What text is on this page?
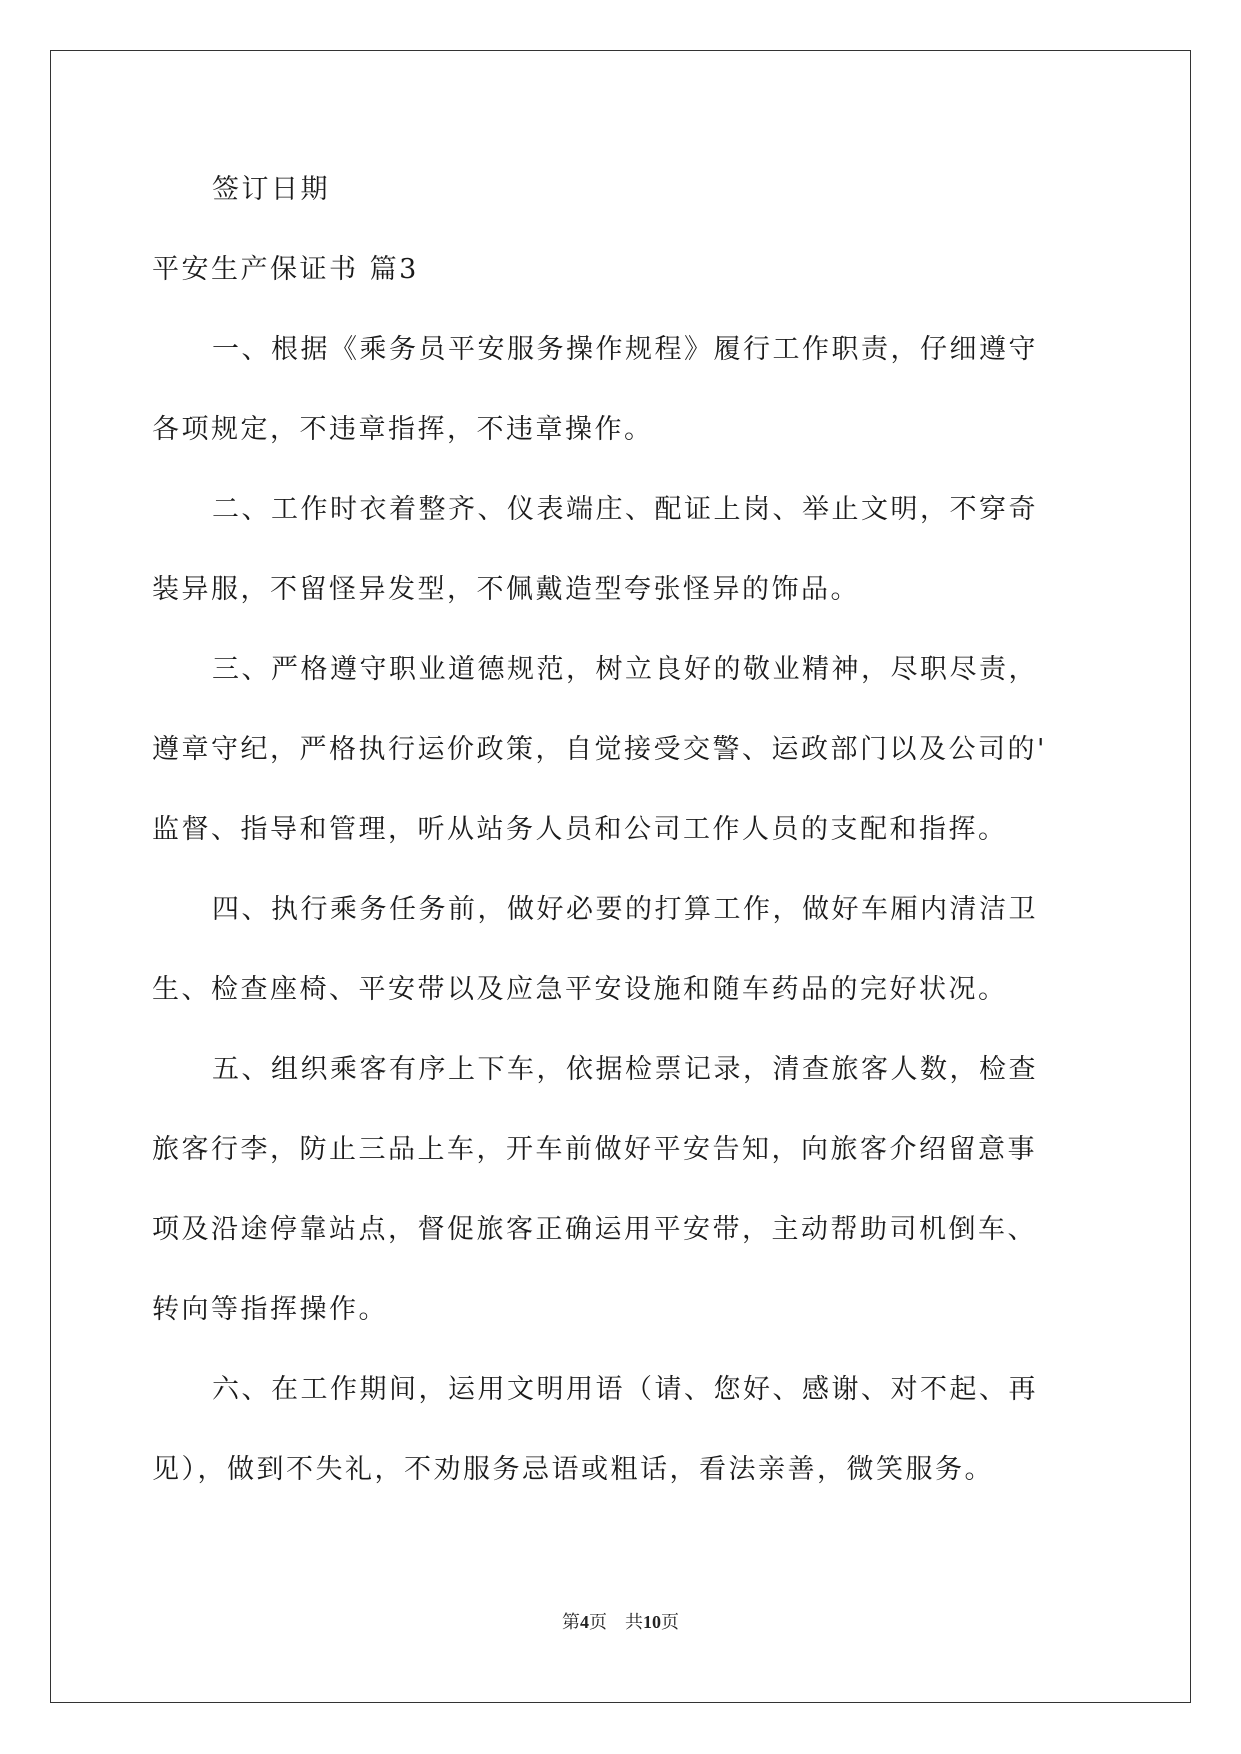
签订日期
平安生产保证书 篇3
一、根据《乘务员平安服务操作规程》履行工作职责，仔细遵守
各项规定，不违章指挥，不违章操作。
二、工作时衣着整齐、仪表端庄、配证上岗、举止文明，不穿奇
装异服，不留怪异发型，不佩戴造型夸张怪异的饰品。
三、严格遵守职业道德规范，树立良好的敬业精神，尽职尽责，
遵章守纪，严格执行运价政策，自觉接受交警、运政部门以及公司的'
监督、指导和管理，听从站务人员和公司工作人员的支配和指挥。
四、执行乘务任务前，做好必要的打算工作，做好车厢内清洁卫
生、检查座椅、平安带以及应急平安设施和随车药品的完好状况。
五、组织乘客有序上下车，依据检票记录，清查旅客人数，检查
旅客行李，防止三品上车，开车前做好平安告知，向旅客介绍留意事
项及沿途停靠站点，督促旅客正确运用平安带，主动帮助司机倒车、
转向等指挥操作。
六、在工作期间，运用文明用语（请、您好、感谢、对不起、再
见），做到不失礼，不劝服务忌语或粗话，看法亲善，微笑服务。
第4页 共10页
